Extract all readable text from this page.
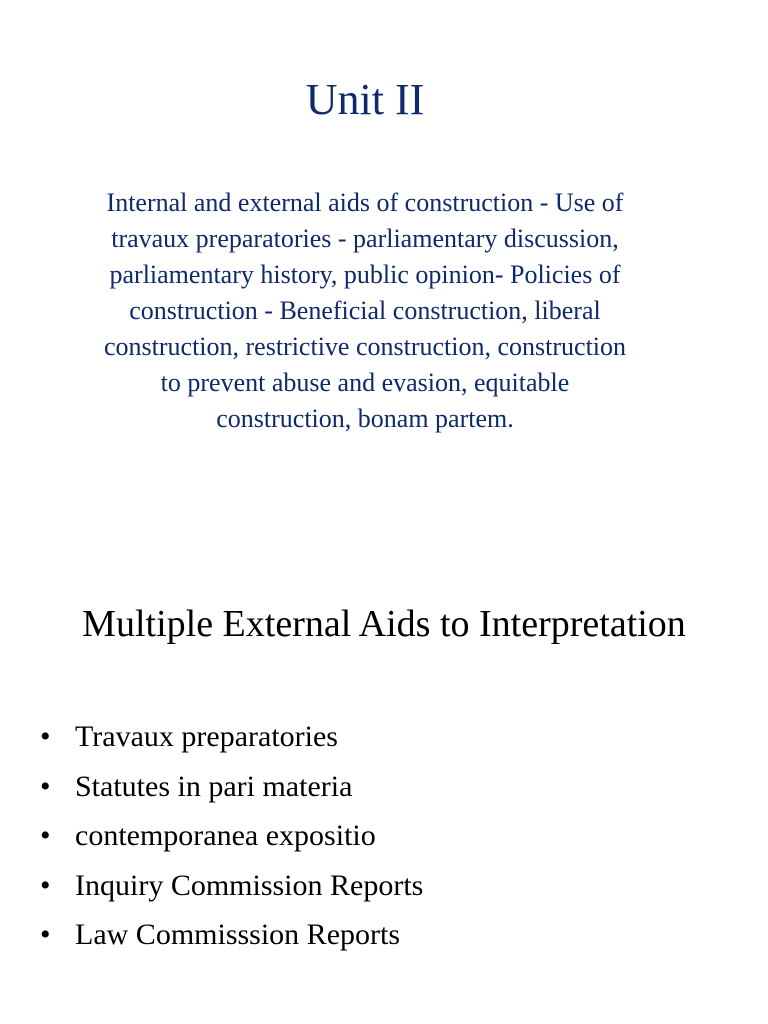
Unit II

Internal and external aids of construction - Use of travaux preparatories - parliamentary discussion, parliamentary history, public opinion- Policies of construction - Beneficial construction, liberal construction, restrictive construction, construction to prevent abuse and evasion, equitable construction, bonam partem.

Multiple External Aids to Interpretation
• Travaux preparatories
• Statutes in pari materia
• contemporanea expositio
• Inquiry Commission Reports
• Law Commisssion Reports
